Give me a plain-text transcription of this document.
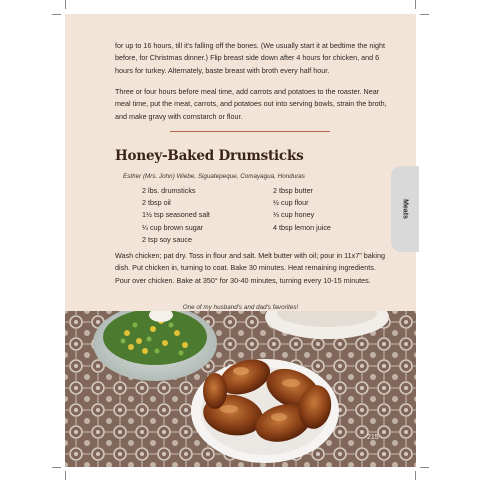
for up to 16 hours, till it's falling off the bones. (We usually start it at bedtime the night before, for Christmas dinner.) Flip breast side down after 4 hours for chicken, and 6 hours for turkey. Alternately, baste breast with broth every half hour.

Three or four hours before meal time, add carrots and potatoes to the roaster. Near meal time, put the meat, carrots, and potatoes out into serving bowls, strain the broth, and make gravy with cornstarch or flour.

Honey-Baked Drumsticks

Esther (Mrs. John) Wiebe, Siguatepeque, Comayagua, Honduras

2 lbs. drumsticks
2 tbsp oil
1½ tsp seasoned salt
¼ cup brown sugar
2 tsp soy sauce
2 tbsp butter
½ cup flour
⅓ cup honey
4 tbsp lemon juice

Wash chicken; pat dry. Toss in flour and salt. Melt butter with oil; pour in 11x7" baking dish. Put chicken in, turning to coat. Bake 30 minutes. Heat remaining ingredients. Pour over chicken. Bake at 350° for 30-40 minutes, turning every 10-15 minutes.

One of my husband's and dad's favorites!

215
Meats
